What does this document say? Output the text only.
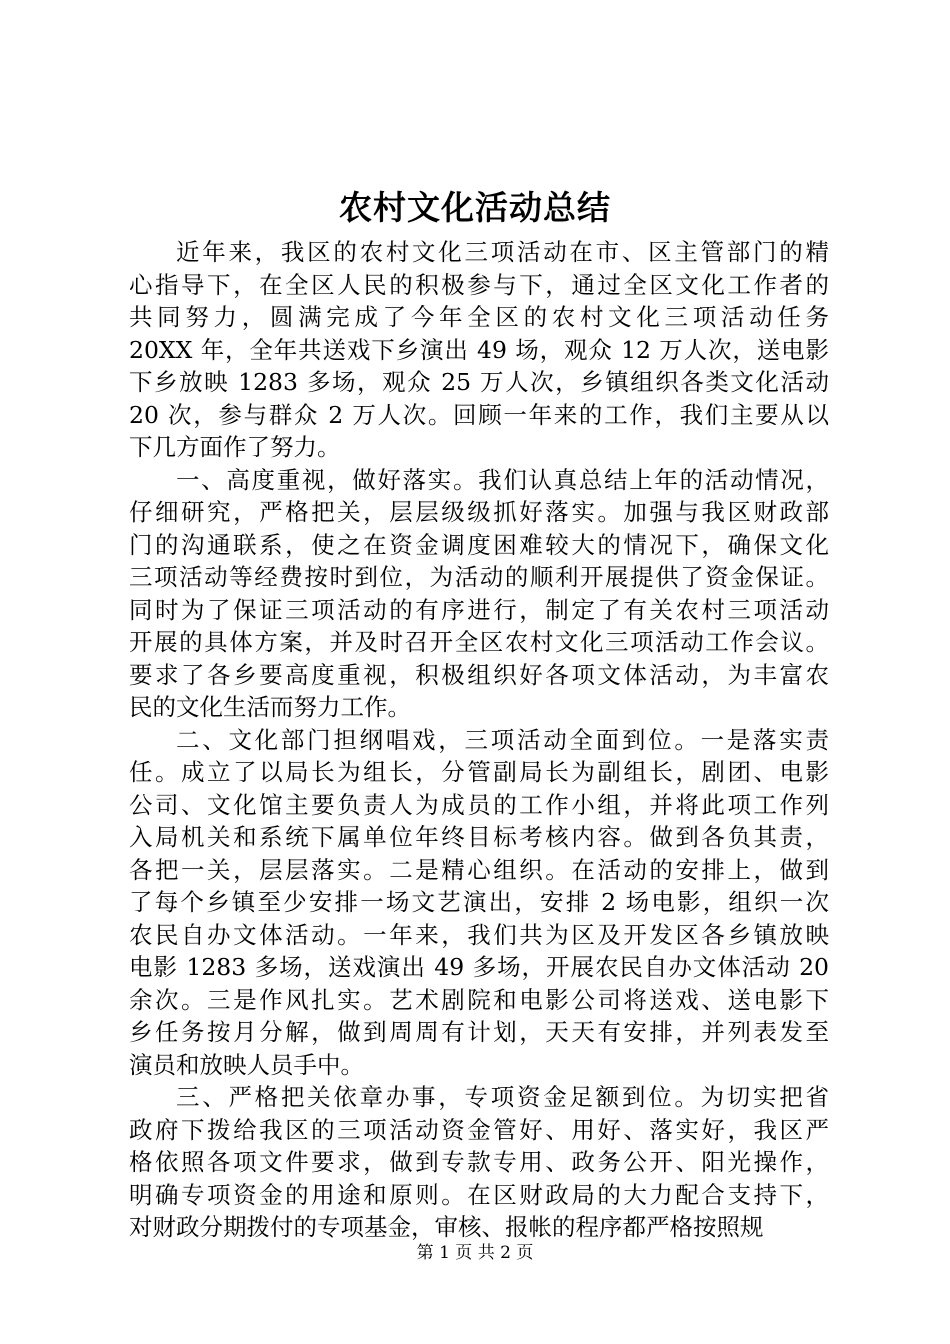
农村文化活动总结
近年来，我区的农村文化三项活动在市、区主管部门的精
心指导下，在全区人民的积极参与下，通过全区文化工作者的
共同努力，圆满完成了今年全区的农村文化三项活动任务
20XX 年，全年共送戏下乡演出 49 场，观众 12 万人次，送电影
下乡放映 1283 多场，观众 25 万人次，乡镇组织各类文化活动
20 次，参与群众 2 万人次。回顾一年来的工作，我们主要从以
下几方面作了努力。
一、高度重视，做好落实。我们认真总结上年的活动情况，
仔细研究，严格把关，层层级级抓好落实。加强与我区财政部
门的沟通联系，使之在资金调度困难较大的情况下，确保文化
三项活动等经费按时到位，为活动的顺利开展提供了资金保证。
同时为了保证三项活动的有序进行，制定了有关农村三项活动
开展的具体方案，并及时召开全区农村文化三项活动工作会议。
要求了各乡要高度重视，积极组织好各项文体活动，为丰富农
民的文化生活而努力工作。
二、文化部门担纲唱戏，三项活动全面到位。一是落实责
任。成立了以局长为组长，分管副局长为副组长，剧团、电影
公司、文化馆主要负责人为成员的工作小组，并将此项工作列
入局机关和系统下属单位年终目标考核内容。做到各负其责，
各把一关，层层落实。二是精心组织。在活动的安排上，做到
了每个乡镇至少安排一场文艺演出，安排 2 场电影，组织一次
农民自办文体活动。一年来，我们共为区及开发区各乡镇放映
电影 1283 多场，送戏演出 49 多场，开展农民自办文体活动 20
余次。三是作风扎实。艺术剧院和电影公司将送戏、送电影下
乡任务按月分解，做到周周有计划，天天有安排，并列表发至
演员和放映人员手中。
三、严格把关依章办事，专项资金足额到位。为切实把省
政府下拨给我区的三项活动资金管好、用好、落实好，我区严
格依照各项文件要求，做到专款专用、政务公开、阳光操作，
明确专项资金的用途和原则。在区财政局的大力配合支持下，
对财政分期拨付的专项基金，审核、报帐的程序都严格按照规
第 1 页 共 2 页
